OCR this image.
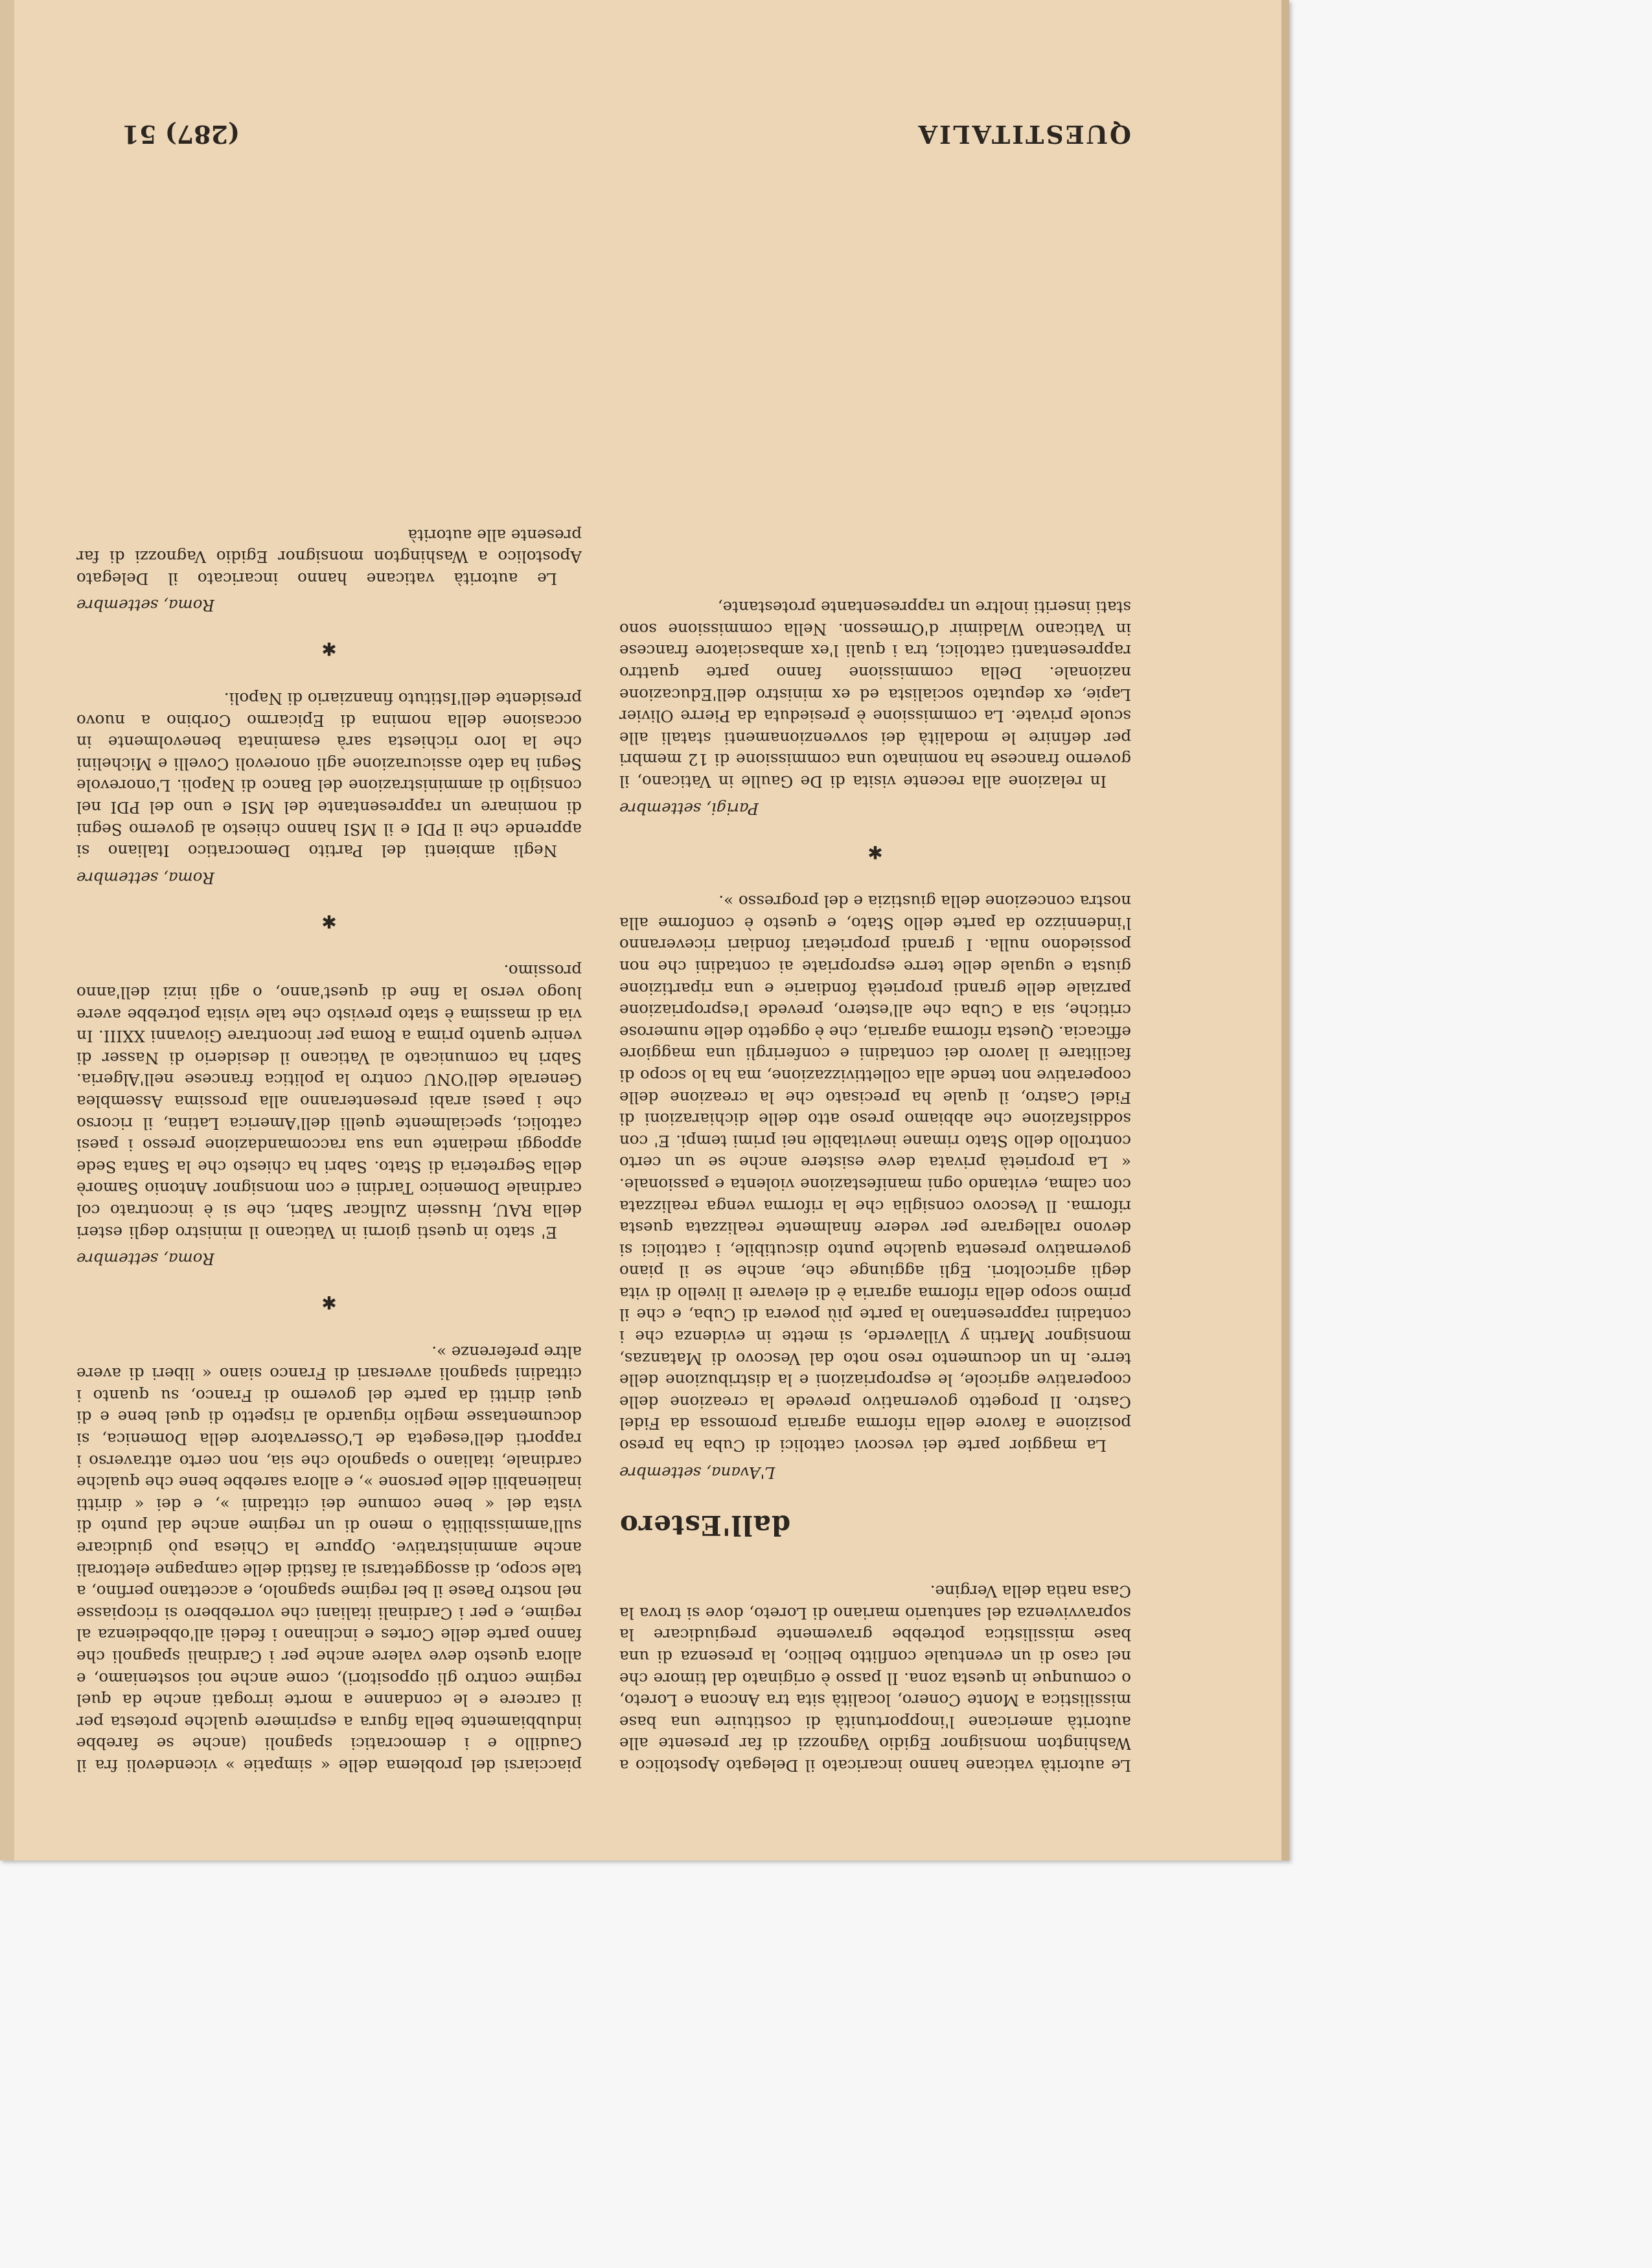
QUESTITALIA
(287) 51

piacciarsi del problema delle « simpatie » vicendevoli fra il Caudillo e i democratici spagnoli (anche se farebbe indubbiamente bella figura a esprimere qualche protesta per il carcere e le condanne a morte irrogati anche da quel regime contro gli oppositori), come anche noi sosteniamo, e allora questo deve valere anche per i Cardinali spagnoli che fanno parte delle Cortes e inclinano i fedeli all'obbedienza al regime, e per i Cardinali italiani che vorrebbero si ricopiasse nel nostro Paese il bel regime spagnolo, e accettano perfino, a tale scopo, di assoggettarsi ai fastidi delle campagne elettorali anche amministrative. Oppure la Chiesa può giudicare sull'ammissibilità o meno di un regime anche dal punto di vista del « bene comune dei cittadini », e dei « diritti inalienabili delle persone », e allora sarebbe bene che qualche cardinale, italiano o spagnolo che sia, non certo attraverso i rapporti dell'esegeta de L'Osservatore della Domenica, si documentasse meglio riguardo al rispetto di quel bene e di quei diritti da parte del governo di Franco, su quanto i cittadini spagnoli avversari di Franco siano « liberi di avere altre preferenze ».

✱
Roma, settembre

E' stato in questi giorni in Vaticano il ministro degli esteri della RAU, Hussein Zulficar Sabri, che si è incontrato col cardinale Domenico Tardini e con monsignor Antonio Samorè della Segreteria di Stato. Sabri ha chiesto che la Santa Sede appoggi mediante una sua raccomandazione presso i paesi cattolici, specialmente quelli dell'America Latina, il ricorso che i paesi arabi presenteranno alla prossima Assemblea Generale dell'ONU contro la politica francese nell'Algeria. Sabri ha comunicato al Vaticano il desiderio di Nasser di venire quanto prima a Roma per incontrare Giovanni XXIII. In via di massima è stato previsto che tale visita potrebbe avere luogo verso la fine di quest'anno, o agli inizi dell'anno prossimo.

✱
Roma, settembre

Negli ambienti del Partito Democratico Italiano si apprende che il PDI e il MSI hanno chiesto al governo Segni di nominare un rappresentante del MSI e uno del PDI nel consiglio di amministrazione del Banco di Napoli. L'onorevole Segni ha dato assicurazione agli onorevoli Covelli e Michelini che la loro richiesta sarà esaminata benevolmente in occasione della nomina di Epicarmo Corbino a nuovo presidente dell'Istituto finanziario di Napoli.

✱
Roma, settembre

Le autorità vaticane hanno incaricato il Delegato Apostolico a Washington monsignor Egidio Vagnozzi di far presente alle autorità

Le autorità vaticane hanno incaricato il Delegato Apostolico a Washington monsignor Egidio Vagnozzi di far presente alle autorità americane l'inopportunità di costituire una base missilistica a Monte Conero, località sita tra Ancona e Loreto, o comunque in questa zona. Il passo è originato dal timore che nel caso di un eventuale conflitto bellico, la presenza di una base missilistica potrebbe gravemente pregiudicare la sopravvivenza del santuario mariano di Loreto, dove si trova la Casa natìa della Vergine.

dall'Estero
L'Avana, settembre

La maggior parte dei vescovi cattolici di Cuba ha preso posizione a favore della riforma agraria promossa da Fidel Castro. Il progetto governativo prevede la creazione delle cooperative agricole, le espropriazioni e la distribuzione delle terre. In un documento reso noto dal Vescovo di Matanzas, monsignor Martin y Villaverde, si mette in evidenza che i contadini rappresentano la parte più povera di Cuba, e che il primo scopo della riforma agraria è di elevare il livello di vita degli agricoltori. Egli aggiunge che, anche se il piano governativo presenta qualche punto discutibile, i cattolici si devono rallegrare per vedere finalmente realizzata questa riforma. Il Vescovo consiglia che la riforma venga realizzata con calma, evitando ogni manifestazione violenta e passionale. « La proprietà privata deve esistere anche se un certo controllo dello Stato rimane inevitabile nei primi tempi. E' con soddisfazione che abbiamo preso atto delle dichiarazioni di Fidel Castro, il quale ha precisato che la creazione delle cooperative non tende alla collettivizzazione, ma ha lo scopo di facilitare il lavoro dei contadini e conferirgli una maggiore efficacia. Questa riforma agraria, che è oggetto delle numerose critiche, sia a Cuba che all'estero, prevede l'espropriazione parziale delle grandi proprietà fondiarie e una ripartizione giusta e uguale delle terre espropriate ai contadini che non possiedono nulla. I grandi proprietari fondiari riceveranno l'indennizzo da parte dello Stato, e questo è conforme alla nostra concezione della giustizia e del progresso ».

✱
Parigi, settembre

In relazione alla recente visita di De Gaulle in Vaticano, il governo francese ha nominato una commissione di 12 membri per definire le modalità dei sovvenzionamenti statali alle scuole private. La commissione è presieduta da Pierre Olivier Lapie, ex deputato socialista ed ex ministro dell'Educazione nazionale. Della commissione fanno parte quattro rappresentanti cattolici, tra i quali l'ex ambasciatore francese in Vaticano Wladimir d'Ormesson. Nella commissione sono stati inseriti inoltre un rappresentante protestante,
